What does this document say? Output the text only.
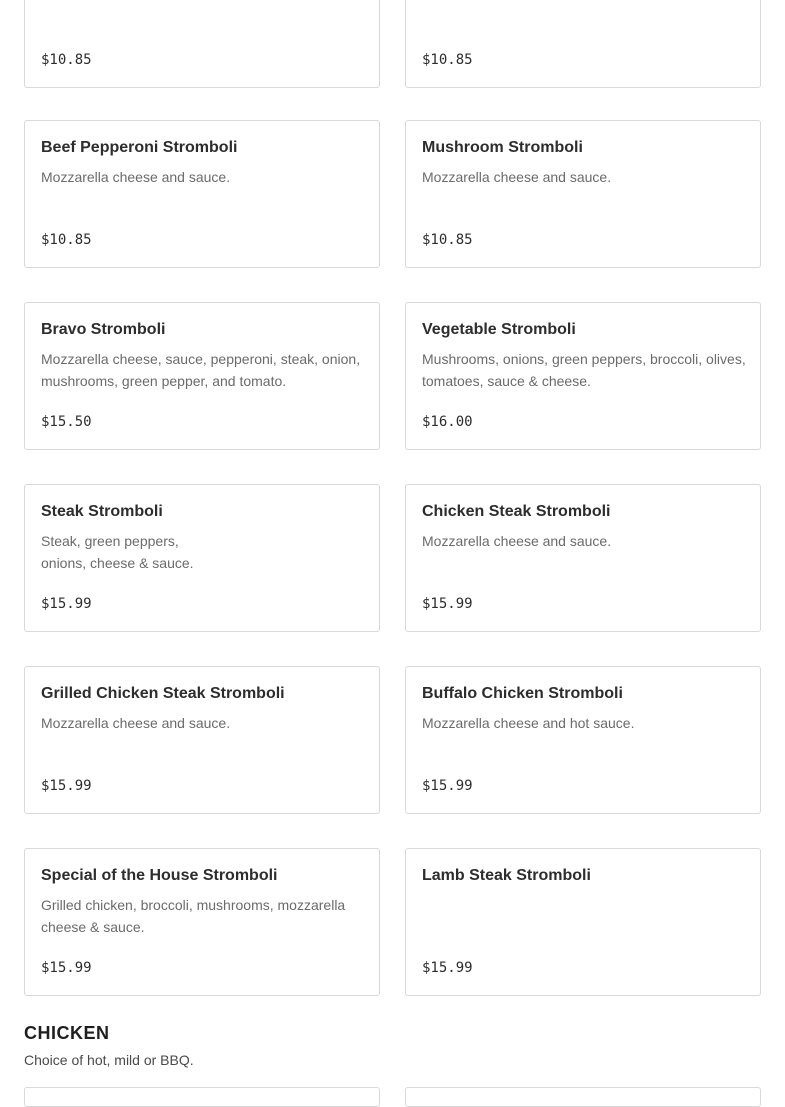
$10.85	$10.85
Beef Pepperoni Stromboli
Mozzarella cheese and sauce.
$10.85
Mushroom Stromboli
Mozzarella cheese and sauce.
$10.85
Bravo Stromboli
Mozzarella cheese, sauce, pepperoni, steak, onion, mushrooms, green pepper, and tomato.
$15.50
Vegetable Stromboli
Mushrooms, onions, green peppers, broccoli, olives, tomatoes, sauce & cheese.
$16.00
Steak Stromboli
Steak, green peppers,
onions, cheese & sauce.
$15.99
Chicken Steak Stromboli
Mozzarella cheese and sauce.
$15.99
Grilled Chicken Steak Stromboli
Mozzarella cheese and sauce.
$15.99
Buffalo Chicken Stromboli
Mozzarella cheese and hot sauce.
$15.99
Special of the House Stromboli
Grilled chicken, broccoli, mushrooms, mozzarella cheese & sauce.
$15.99
Lamb Steak Stromboli
$15.99
CHICKEN
Choice of hot, mild or BBQ.
